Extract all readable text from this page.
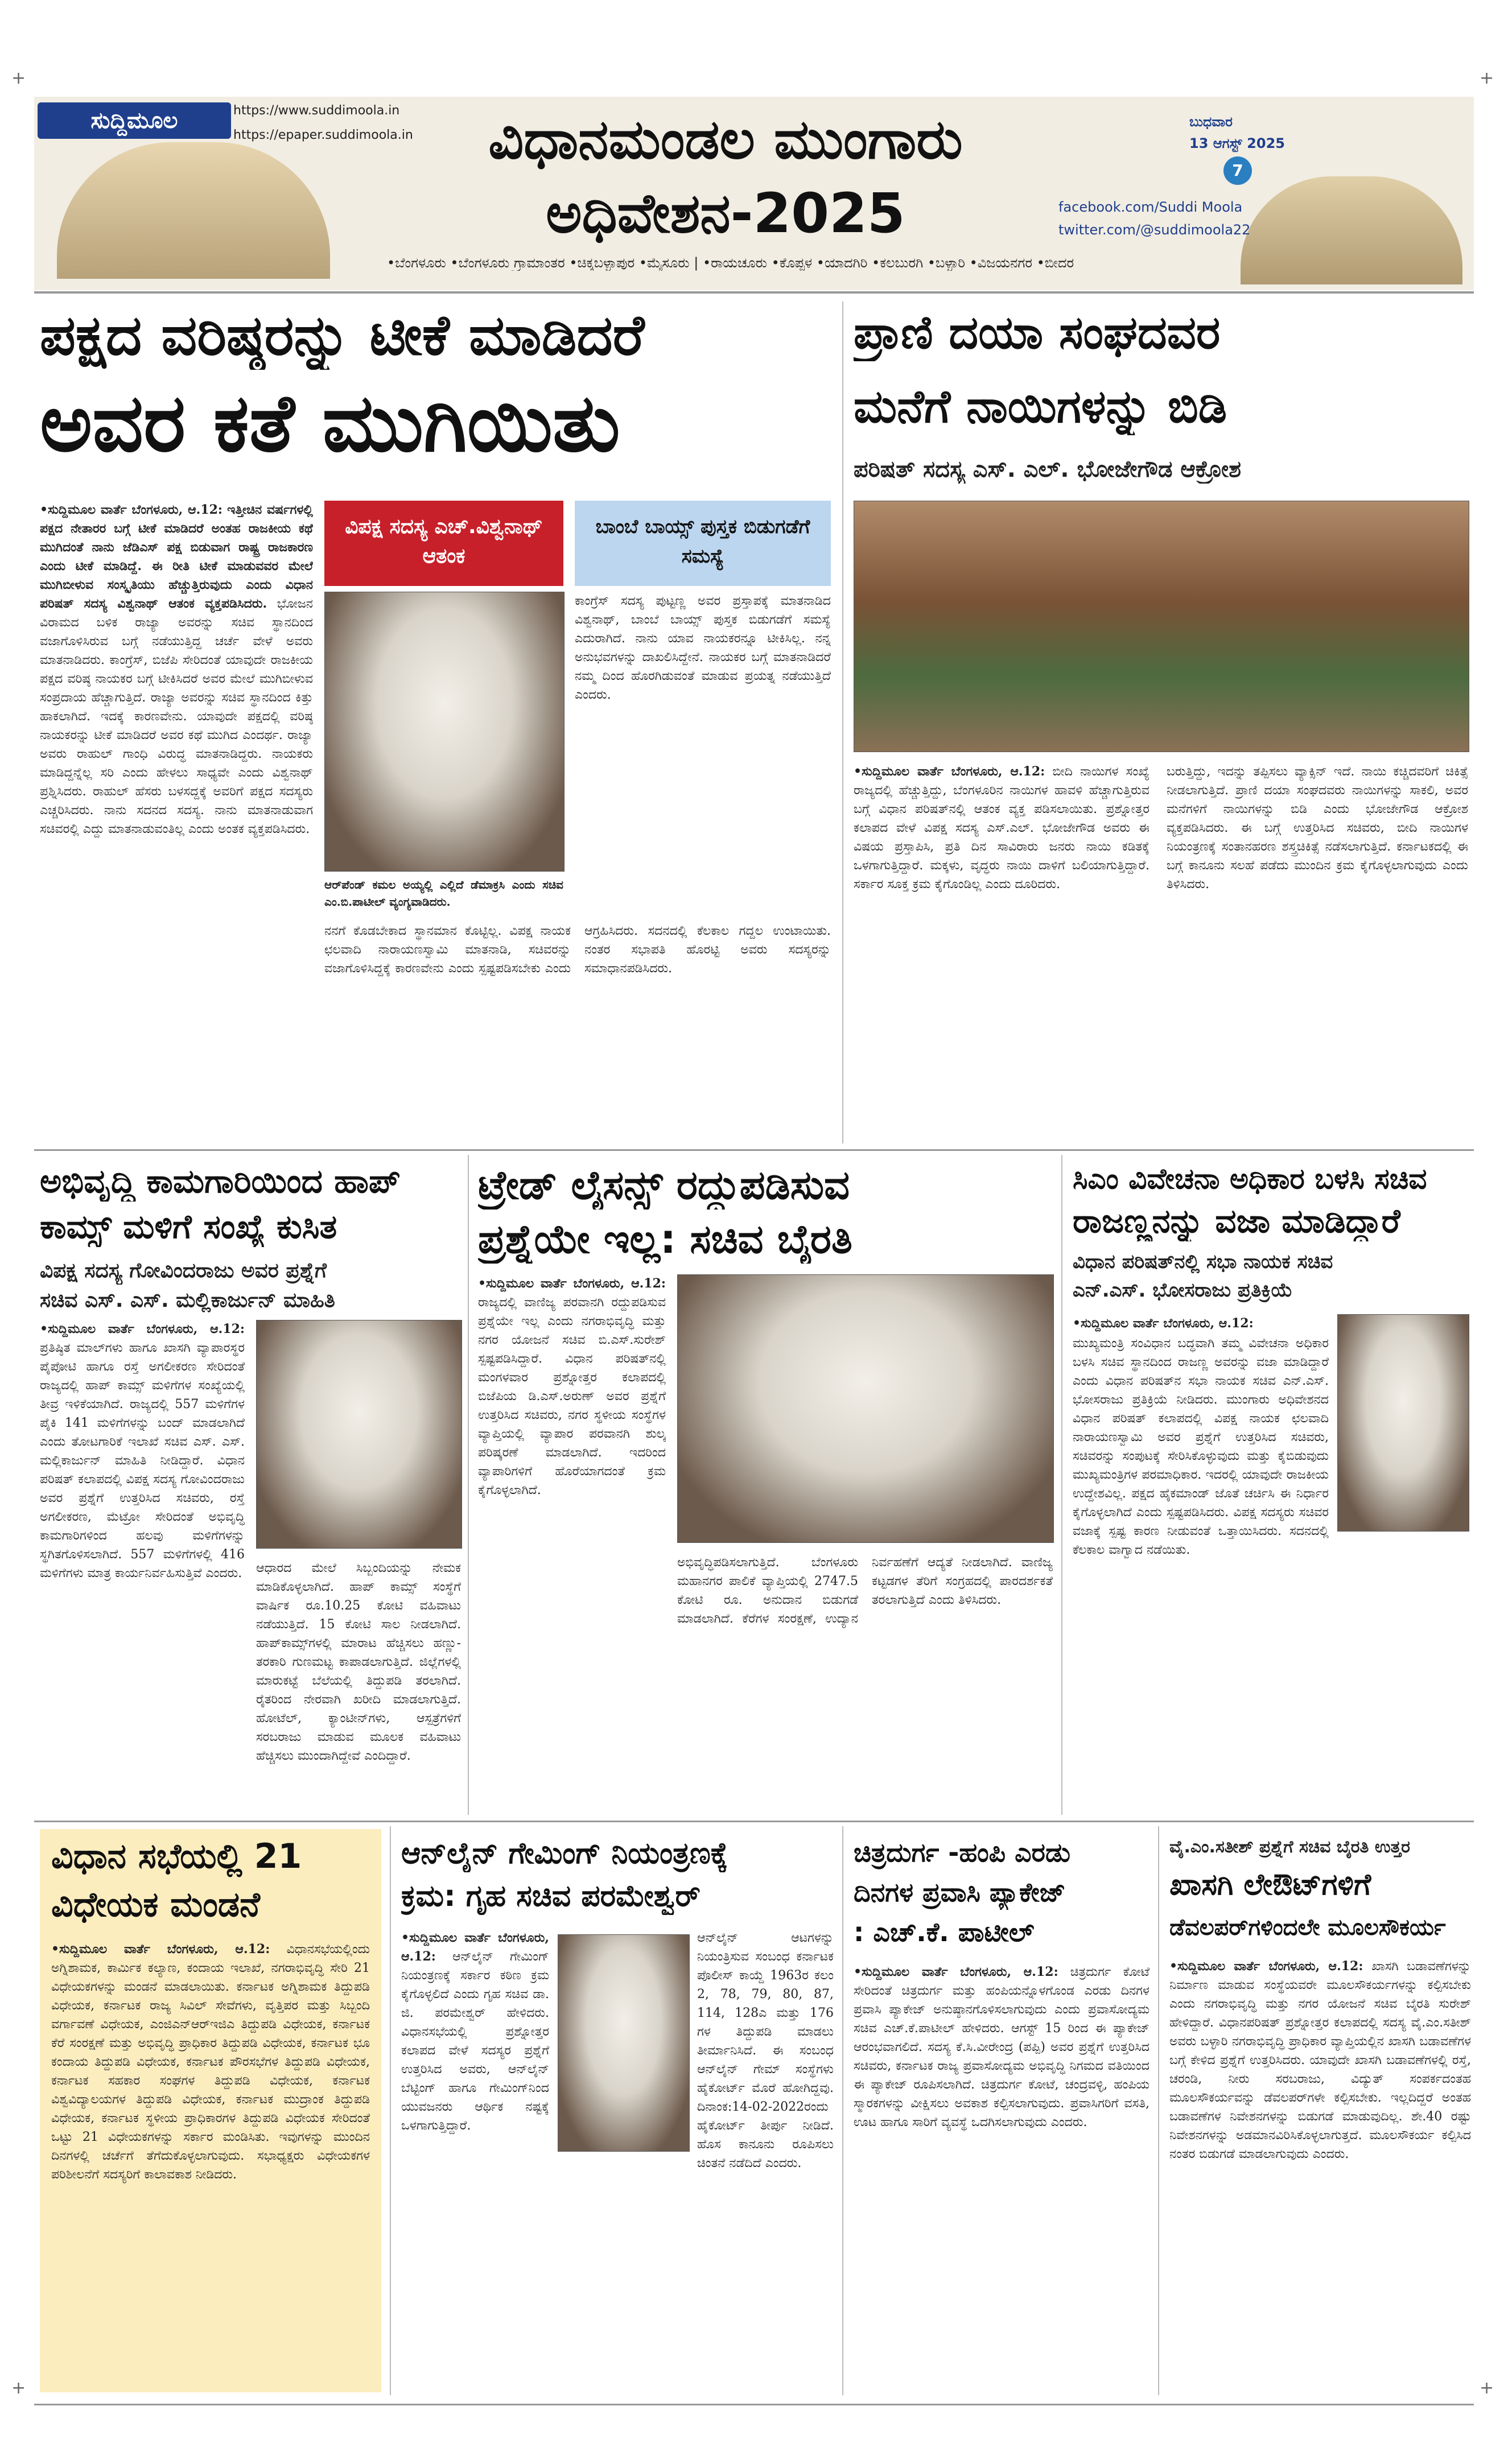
+	+
+	+
ಸುದ್ದಿಮೂಲ	https://www.suddimoola.in
https://epaper.suddimoola.in	ವಿಧಾನಮಂಡಲ ಮುಂಗಾರು
ಅಧಿವೇಶನ-2025
ಬುಧವಾರ
13 ಆಗಸ್ಟ್ 2025
7
facebook.com/Suddi Moola
twitter.com/@suddimoola22
•ಬೆಂಗಳೂರು •ಬೆಂಗಳೂರು ಗ್ರಾಮಾಂತರ •ಚಿಕ್ಕಬಳ್ಳಾಪುರ •ಮೈಸೂರು | •ರಾಯಚೂರು •ಕೊಪ್ಪಳ •ಯಾದಗಿರಿ •ಕಲಬುರಗಿ •ಬಳ್ಳಾರಿ •ವಿಜಯನಗರ •ಬೀದರ
ಪಕ್ಷದ ವರಿಷ್ಠರನ್ನು ಟೀಕೆ ಮಾಡಿದರೆ
ಅವರ ಕತೆ ಮುಗಿಯಿತು
•ಸುದ್ದಿಮೂಲ ವಾರ್ತೆ ಬೆಂಗಳೂರು, ಆ.12: ಇತ್ತೀಚಿನ ವರ್ಷಗಳಲ್ಲಿ ಪಕ್ಷದ ನೇತಾರರ ಬಗ್ಗೆ ಟೀಕೆ ಮಾಡಿದರೆ ಅಂತಹ ರಾಜಕೀಯ ಕಥೆ ಮುಗಿದಂತೆ ನಾನು ಜೆಡಿಎಸ್ ಪಕ್ಷ ಬಿಡುವಾಗ ರಾಷ್ಟ್ರ ರಾಜಕಾರಣ ಎಂದು ಟೀಕೆ ಮಾಡಿದ್ದೆ. ಈ ರೀತಿ ಟೀಕೆ ಮಾಡುವವರ ಮೇಲೆ ಮುಗಿಬೀಳುವ ಸಂಸ್ಕೃತಿಯು ಹೆಚ್ಚುತ್ತಿರುವುದು ಎಂದು ವಿಧಾನ ಪರಿಷತ್ ಸದಸ್ಯ ವಿಶ್ವನಾಥ್ ಆತಂಕ ವ್ಯಕ್ತಪಡಿಸಿದರು. ಭೋಜನ ವಿರಾಮದ ಬಳಿಕ ರಾಜ್ಯಾ ಅವರನ್ನು ಸಚಿವ ಸ್ಥಾನದಿಂದ ವಜಾಗೊಳಿಸಿರುವ ಬಗ್ಗೆ ನಡೆಯುತ್ತಿದ್ದ ಚರ್ಚೆ ವೇಳೆ ಅವರು ಮಾತನಾಡಿದರು. ಕಾಂಗ್ರೆಸ್, ಬಿಜೆಪಿ ಸೇರಿದಂತೆ ಯಾವುದೇ ರಾಜಕೀಯ ಪಕ್ಷದ ವರಿಷ್ಠ ನಾಯಕರ ಬಗ್ಗೆ ಟೀಕಿಸಿದರೆ ಅವರ ಮೇಲೆ ಮುಗಿಬೀಳುವ ಸಂಪ್ರದಾಯ ಹೆಚ್ಚಾಗುತ್ತಿದೆ. ರಾಜ್ಯಾ ಅವರನ್ನು ಸಚಿವ ಸ್ಥಾನದಿಂದ ಕಿತ್ತು ಹಾಕಲಾಗಿದೆ. ಇದಕ್ಕೆ ಕಾರಣವೇನು. ಯಾವುದೇ ಪಕ್ಷದಲ್ಲಿ ವರಿಷ್ಠ ನಾಯಕರನ್ನು ಟೀಕೆ ಮಾಡಿದರೆ ಅವರ ಕಥೆ ಮುಗಿದ ಎಂದರ್ಥ. ರಾಜ್ಯಾ ಅವರು ರಾಹುಲ್ ಗಾಂಧಿ ವಿರುದ್ಧ ಮಾತನಾಡಿದ್ದರು. ನಾಯಕರು ಮಾಡಿದ್ದನ್ನೆಲ್ಲ ಸರಿ ಎಂದು ಹೇಳಲು ಸಾಧ್ಯವೇ ಎಂದು ವಿಶ್ವನಾಥ್ ಪ್ರಶ್ನಿಸಿದರು. ರಾಹುಲ್ ಹೆಸರು ಬಳಸದ್ದಕ್ಕೆ ಅವರಿಗೆ ಪಕ್ಷದ ಸದಸ್ಯರು ಎಚ್ಚರಿಸಿದರು. ನಾನು ಸದನದ ಸದಸ್ಯ. ನಾನು ಮಾತನಾಡುವಾಗ ಸಚಿವರಲ್ಲಿ ಎದ್ದು ಮಾತನಾಡುವಂತಿಲ್ಲ ಎಂದು ಅಂತಕ ವ್ಯಕ್ತಪಡಿಸಿದರು.
ವಿಪಕ್ಷ ಸದಸ್ಯ ಎಚ್.ವಿಶ್ವನಾಥ್ ಆತಂಕ
ಬಾಂಬೆ ಬಾಯ್ಸ್ ಪುಸ್ತಕ ಬಿಡುಗಡೆಗೆ ಸಮಸ್ಯೆ
ಆರ್‌ಪೆಂಡ್ ಕಮಲ ಅಯ್ಯಲ್ಲಿ ಎಲ್ಲಿದೆ ಡೆಮಾಕ್ರಸಿ ಎಂದು ಸಚಿವ ಎಂ.ಬಿ.ಪಾಟೀಲ್ ವ್ಯಂಗ್ಯವಾಡಿದರು.
ಕಾಂಗ್ರೆಸ್ ಸದಸ್ಯ ಪುಟ್ಟಣ್ಣ ಅವರ ಪ್ರಸ್ತಾಪಕ್ಕೆ ಮಾತನಾಡಿದ ವಿಶ್ವನಾಥ್, ಬಾಂಬೆ ಬಾಯ್ಸ್ ಪುಸ್ತಕ ಬಿಡುಗಡೆಗೆ ಸಮಸ್ಯೆ ಎದುರಾಗಿದೆ. ನಾನು ಯಾವ ನಾಯಕರನ್ನೂ ಟೀಕಿಸಿಲ್ಲ. ನನ್ನ ಅನುಭವಗಳನ್ನು ದಾಖಲಿಸಿದ್ದೇನೆ. ನಾಯಕರ ಬಗ್ಗೆ ಮಾತನಾಡಿದರೆ ನಮ್ಮ ದಿಂದ ಹೊರಗಿಡುವಂತೆ ಮಾಡುವ ಪ್ರಯತ್ನ ನಡೆಯುತ್ತಿದೆ ಎಂದರು.
ನನಗೆ ಕೊಡಬೇಕಾದ ಸ್ಥಾನಮಾನ ಕೊಟ್ಟಿಲ್ಲ. ವಿಪಕ್ಷ ನಾಯಕ ಛಲವಾದಿ ನಾರಾಯಣಸ್ವಾಮಿ ಮಾತನಾಡಿ, ಸಚಿವರನ್ನು ವಜಾಗೊಳಿಸಿದ್ದಕ್ಕೆ ಕಾರಣವೇನು ಎಂದು ಸ್ಪಷ್ಟಪಡಿಸಬೇಕು ಎಂದು ಆಗ್ರಹಿಸಿದರು. ಸದನದಲ್ಲಿ ಕೆಲಕಾಲ ಗದ್ದಲ ಉಂಟಾಯಿತು. ನಂತರ ಸಭಾಪತಿ ಹೊರಟ್ಟಿ ಅವರು ಸದಸ್ಯರನ್ನು ಸಮಾಧಾನಪಡಿಸಿದರು.
ಪ್ರಾಣಿ ದಯಾ ಸಂಘದವರ
ಮನೆಗೆ ನಾಯಿಗಳನ್ನು ಬಿಡಿ
ಪರಿಷತ್ ಸದಸ್ಯ ಎಸ್. ಎಲ್. ಭೋಜೇಗೌಡ ಆಕ್ರೋಶ
•ಸುದ್ದಿಮೂಲ ವಾರ್ತೆ ಬೆಂಗಳೂರು, ಆ.12: ಬೀದಿ ನಾಯಿಗಳ ಸಂಖ್ಯೆ ರಾಜ್ಯದಲ್ಲಿ ಹೆಚ್ಚುತ್ತಿದ್ದು, ಬೆಂಗಳೂರಿನ ನಾಯಿಗಳ ಹಾವಳಿ ಹೆಚ್ಚಾಗುತ್ತಿರುವ ಬಗ್ಗೆ ವಿಧಾನ ಪರಿಷತ್‌ನಲ್ಲಿ ಆತಂಕ ವ್ಯಕ್ತ ಪಡಿಸಲಾಯಿತು. ಪ್ರಶ್ನೋತ್ತರ ಕಲಾಪದ ವೇಳೆ ವಿಪಕ್ಷ ಸದಸ್ಯ ಎಸ್.ಎಲ್. ಭೋಜೇಗೌಡ ಅವರು ಈ ವಿಷಯ ಪ್ರಸ್ತಾಪಿಸಿ, ಪ್ರತಿ ದಿನ ಸಾವಿರಾರು ಜನರು ನಾಯಿ ಕಡಿತಕ್ಕೆ ಒಳಗಾಗುತ್ತಿದ್ದಾರೆ. ಮಕ್ಕಳು, ವೃದ್ಧರು ನಾಯಿ ದಾಳಿಗೆ ಬಲಿಯಾಗುತ್ತಿದ್ದಾರೆ. ಸರ್ಕಾರ ಸೂಕ್ತ ಕ್ರಮ ಕೈಗೊಂಡಿಲ್ಲ ಎಂದು ದೂರಿದರು.
ಬರುತ್ತಿದ್ದು, ಇದನ್ನು ತಪ್ಪಿಸಲು ವ್ಯಾಕ್ಸಿನ್ ಇದೆ. ನಾಯಿ ಕಚ್ಚಿದವರಿಗೆ ಚಿಕಿತ್ಸೆ ನೀಡಲಾಗುತ್ತಿದೆ. ಪ್ರಾಣಿ ದಯಾ ಸಂಘದವರು ನಾಯಿಗಳನ್ನು ಸಾಕಲಿ, ಅವರ ಮನೆಗಳಿಗೆ ನಾಯಿಗಳನ್ನು ಬಿಡಿ ಎಂದು ಭೋಜೇಗೌಡ ಆಕ್ರೋಶ ವ್ಯಕ್ತಪಡಿಸಿದರು. ಈ ಬಗ್ಗೆ ಉತ್ತರಿಸಿದ ಸಚಿವರು, ಬೀದಿ ನಾಯಿಗಳ ನಿಯಂತ್ರಣಕ್ಕೆ ಸಂತಾನಹರಣ ಶಸ್ತ್ರಚಿಕಿತ್ಸೆ ನಡೆಸಲಾಗುತ್ತಿದೆ. ಕರ್ನಾಟಕದಲ್ಲಿ ಈ ಬಗ್ಗೆ ಕಾನೂನು ಸಲಹೆ ಪಡೆದು ಮುಂದಿನ ಕ್ರಮ ಕೈಗೊಳ್ಳಲಾಗುವುದು ಎಂದು ತಿಳಿಸಿದರು.
ಅಭಿವೃದ್ಧಿ ಕಾಮಗಾರಿಯಿಂದ ಹಾಪ್
ಕಾಮ್ಸ್ ಮಳಿಗೆ ಸಂಖ್ಯೆ ಕುಸಿತ
ವಿಪಕ್ಷ ಸದಸ್ಯ ಗೋವಿಂದರಾಜು ಅವರ ಪ್ರಶ್ನೆಗೆ
ಸಚಿವ ಎಸ್. ಎಸ್. ಮಲ್ಲಿಕಾರ್ಜುನ್ ಮಾಹಿತಿ
•ಸುದ್ದಿಮೂಲ ವಾರ್ತೆ ಬೆಂಗಳೂರು, ಆ.12: ಪ್ರತಿಷ್ಠಿತ ಮಾಲ್‌ಗಳು ಹಾಗೂ ಖಾಸಗಿ ವ್ಯಾಪಾರಸ್ಥರ ಪೈಪೋಟಿ ಹಾಗೂ ರಸ್ತೆ ಅಗಲೀಕರಣ ಸೇರಿದಂತೆ ರಾಜ್ಯದಲ್ಲಿ ಹಾಪ್ ಕಾಮ್ಸ್ ಮಳಿಗೆಗಳ ಸಂಖ್ಯೆಯಲ್ಲಿ ತೀವ್ರ ಇಳಿಕೆಯಾಗಿದೆ. ರಾಜ್ಯದಲ್ಲಿ 557 ಮಳಿಗೆಗಳ ಪೈಕಿ 141 ಮಳಿಗೆಗಳನ್ನು ಬಂದ್ ಮಾಡಲಾಗಿದೆ ಎಂದು ತೋಟಗಾರಿಕೆ ಇಲಾಖೆ ಸಚಿವ ಎಸ್. ಎಸ್. ಮಲ್ಲಿಕಾರ್ಜುನ್ ಮಾಹಿತಿ ನೀಡಿದ್ದಾರೆ. ವಿಧಾನ ಪರಿಷತ್ ಕಲಾಪದಲ್ಲಿ ವಿಪಕ್ಷ ಸದಸ್ಯ ಗೋವಿಂದರಾಜು ಅವರ ಪ್ರಶ್ನೆಗೆ ಉತ್ತರಿಸಿದ ಸಚಿವರು, ರಸ್ತೆ ಅಗಲೀಕರಣ, ಮೆಟ್ರೋ ಸೇರಿದಂತೆ ಅಭಿವೃದ್ಧಿ ಕಾಮಗಾರಿಗಳಿಂದ ಹಲವು ಮಳಿಗೆಗಳನ್ನು ಸ್ಥಗಿತಗೊಳಿಸಲಾಗಿದೆ. 557 ಮಳಿಗೆಗಳಲ್ಲಿ 416 ಮಳಿಗೆಗಳು ಮಾತ್ರ ಕಾರ್ಯನಿರ್ವಹಿಸುತ್ತಿವೆ ಎಂದರು. ಆಧಾರದ ಮೇಲೆ ಸಿಬ್ಬಂದಿಯನ್ನು ನೇಮಕ ಮಾಡಿಕೊಳ್ಳಲಾಗಿದೆ. ಹಾಪ್ ಕಾಮ್ಸ್ ಸಂಸ್ಥೆಗೆ ವಾರ್ಷಿಕ ರೂ.10.25 ಕೋಟಿ ವಹಿವಾಟು ನಡೆಯುತ್ತಿದೆ. 15 ಕೋಟಿ ಸಾಲ ನೀಡಲಾಗಿದೆ. ಹಾಪ್‌ಕಾಮ್ಸ್‌ಗಳಲ್ಲಿ ಮಾರಾಟ ಹೆಚ್ಚಿಸಲು ಹಣ್ಣು-ತರಕಾರಿ ಗುಣಮಟ್ಟ ಕಾಪಾಡಲಾಗುತ್ತಿದೆ. ಜಿಲ್ಲೆಗಳಲ್ಲಿ ಮಾರುಕಟ್ಟೆ ಬೆಲೆಯಲ್ಲಿ ತಿದ್ದುಪಡಿ ತರಲಾಗಿದೆ. ರೈತರಿಂದ ನೇರವಾಗಿ ಖರೀದಿ ಮಾಡಲಾಗುತ್ತಿದೆ. ಹೋಟೆಲ್, ಕ್ಯಾಂಟೀನ್‌ಗಳು, ಆಸ್ಪತ್ರೆಗಳಿಗೆ ಸರಬರಾಜು ಮಾಡುವ ಮೂಲಕ ವಹಿವಾಟು ಹೆಚ್ಚಿಸಲು ಮುಂದಾಗಿದ್ದೇವೆ ಎಂದಿದ್ದಾರೆ.
ಟ್ರೇಡ್ ಲೈಸನ್ಸ್ ರದ್ದುಪಡಿಸುವ
ಪ್ರಶ್ನೆಯೇ ಇಲ್ಲ: ಸಚಿವ ಬೈರತಿ
•ಸುದ್ದಿಮೂಲ ವಾರ್ತೆ ಬೆಂಗಳೂರು, ಆ.12: ರಾಜ್ಯದಲ್ಲಿ ವಾಣಿಜ್ಯ ಪರವಾನಗಿ ರದ್ದುಪಡಿಸುವ ಪ್ರಶ್ನೆಯೇ ಇಲ್ಲ ಎಂದು ನಗರಾಭಿವೃದ್ಧಿ ಮತ್ತು ನಗರ ಯೋಜನೆ ಸಚಿವ ಬಿ.ಎಸ್.ಸುರೇಶ್ ಸ್ಪಷ್ಟಪಡಿಸಿದ್ದಾರೆ. ವಿಧಾನ ಪರಿಷತ್‌ನಲ್ಲಿ ಮಂಗಳವಾರ ಪ್ರಶ್ನೋತ್ತರ ಕಲಾಪದಲ್ಲಿ ಬಿಜೆಪಿಯ ಡಿ.ಎಸ್.ಅರುಣ್ ಅವರ ಪ್ರಶ್ನೆಗೆ ಉತ್ತರಿಸಿದ ಸಚಿವರು, ನಗರ ಸ್ಥಳೀಯ ಸಂಸ್ಥೆಗಳ ವ್ಯಾಪ್ತಿಯಲ್ಲಿ ವ್ಯಾಪಾರ ಪರವಾನಗಿ ಶುಲ್ಕ ಪರಿಷ್ಕರಣೆ ಮಾಡಲಾಗಿದೆ. ಇದರಿಂದ ವ್ಯಾಪಾರಿಗಳಿಗೆ ಹೊರೆಯಾಗದಂತೆ ಕ್ರಮ ಕೈಗೊಳ್ಳಲಾಗಿದೆ.
ಅಭಿವೃದ್ಧಿಪಡಿಸಲಾಗುತ್ತಿದೆ. ಬೆಂಗಳೂರು ಮಹಾನಗರ ಪಾಲಿಕೆ ವ್ಯಾಪ್ತಿಯಲ್ಲಿ 2747.5 ಕೋಟಿ ರೂ. ಅನುದಾನ ಬಿಡುಗಡೆ ಮಾಡಲಾಗಿದೆ. ಕೆರೆಗಳ ಸಂರಕ್ಷಣೆ, ಉದ್ಯಾನ ನಿರ್ವಹಣೆಗೆ ಆದ್ಯತೆ ನೀಡಲಾಗಿದೆ. ವಾಣಿಜ್ಯ ಕಟ್ಟಡಗಳ ತೆರಿಗೆ ಸಂಗ್ರಹದಲ್ಲಿ ಪಾರದರ್ಶಕತೆ ತರಲಾಗುತ್ತಿದೆ ಎಂದು ತಿಳಿಸಿದರು.
ಸಿಎಂ ವಿವೇಚನಾ ಅಧಿಕಾರ ಬಳಸಿ ಸಚಿವ
ರಾಜಣ್ಣನನ್ನು ವಜಾ ಮಾಡಿದ್ದಾರೆ
ವಿಧಾನ ಪರಿಷತ್‌ನಲ್ಲಿ ಸಭಾ ನಾಯಕ ಸಚಿವ
ಎನ್.ಎಸ್. ಭೋಸರಾಜು ಪ್ರತಿಕ್ರಿಯೆ
•ಸುದ್ದಿಮೂಲ ವಾರ್ತೆ ಬೆಂಗಳೂರು, ಆ.12:
ಮುಖ್ಯಮಂತ್ರಿ ಸಂವಿಧಾನ ಬದ್ಧವಾಗಿ ತಮ್ಮ ವಿವೇಚನಾ ಅಧಿಕಾರ ಬಳಸಿ ಸಚಿವ ಸ್ಥಾನದಿಂದ ರಾಜಣ್ಣ ಅವರನ್ನು ವಜಾ ಮಾಡಿದ್ದಾರೆ ಎಂದು ವಿಧಾನ ಪರಿಷತ್‌ನ ಸಭಾ ನಾಯಕ ಸಚಿವ ಎನ್.ಎಸ್. ಭೋಸರಾಜು ಪ್ರತಿಕ್ರಿಯೆ ನೀಡಿದರು. ಮುಂಗಾರು ಅಧಿವೇಶನದ ವಿಧಾನ ಪರಿಷತ್ ಕಲಾಪದಲ್ಲಿ ವಿಪಕ್ಷ ನಾಯಕ ಛಲವಾದಿ ನಾರಾಯಣಸ್ವಾಮಿ ಅವರ ಪ್ರಶ್ನೆಗೆ ಉತ್ತರಿಸಿದ ಸಚಿವರು, ಸಚಿವರನ್ನು ಸಂಪುಟಕ್ಕೆ ಸೇರಿಸಿಕೊಳ್ಳುವುದು ಮತ್ತು ಕೈಬಿಡುವುದು ಮುಖ್ಯಮಂತ್ರಿಗಳ ಪರಮಾಧಿಕಾರ. ಇದರಲ್ಲಿ ಯಾವುದೇ ರಾಜಕೀಯ ಉದ್ದೇಶವಿಲ್ಲ. ಪಕ್ಷದ ಹೈಕಮಾಂಡ್ ಜೊತೆ ಚರ್ಚಿಸಿ ಈ ನಿರ್ಧಾರ ಕೈಗೊಳ್ಳಲಾಗಿದೆ ಎಂದು ಸ್ಪಷ್ಟಪಡಿಸಿದರು. ವಿಪಕ್ಷ ಸದಸ್ಯರು ಸಚಿವರ ವಜಾಕ್ಕೆ ಸ್ಪಷ್ಟ ಕಾರಣ ನೀಡುವಂತೆ ಒತ್ತಾಯಿಸಿದರು. ಸದನದಲ್ಲಿ ಕೆಲಕಾಲ ವಾಗ್ವಾದ ನಡೆಯಿತು.
ವಿಧಾನ ಸಭೆಯಲ್ಲಿ 21
ವಿಧೇಯಕ ಮಂಡನೆ
•ಸುದ್ದಿಮೂಲ ವಾರ್ತೆ ಬೆಂಗಳೂರು, ಆ.12: ವಿಧಾನಸಭೆಯಲ್ಲಿಂದು ಅಗ್ನಿಶಾಮಕ, ಕಾರ್ಮಿಕ ಕಲ್ಯಾಣ, ಕಂದಾಯ ಇಲಾಖೆ, ನಗರಾಭಿವೃದ್ಧಿ ಸೇರಿ 21 ವಿಧೇಯಕಗಳನ್ನು ಮಂಡನೆ ಮಾಡಲಾಯಿತು. ಕರ್ನಾಟಕ ಅಗ್ನಿಶಾಮಕ ತಿದ್ದುಪಡಿ ವಿಧೇಯಕ, ಕರ್ನಾಟಕ ರಾಜ್ಯ ಸಿವಿಲ್ ಸೇವೆಗಳು, ವೃತ್ತಿಪರ ಮತ್ತು ಸಿಬ್ಬಂದಿ ವರ್ಗಾವಣೆ ವಿಧೇಯಕ, ಎಂಜಿಎನ್‌ಆರ್‌ಇಜಿಎ ತಿದ್ದುಪಡಿ ವಿಧೇಯಕ, ಕರ್ನಾಟಕ ಕೆರೆ ಸಂರಕ್ಷಣೆ ಮತ್ತು ಅಭಿವೃದ್ಧಿ ಪ್ರಾಧಿಕಾರ ತಿದ್ದುಪಡಿ ವಿಧೇಯಕ, ಕರ್ನಾಟಕ ಭೂ ಕಂದಾಯ ತಿದ್ದುಪಡಿ ವಿಧೇಯಕ, ಕರ್ನಾಟಕ ಪೌರಸಭೆಗಳ ತಿದ್ದುಪಡಿ ವಿಧೇಯಕ, ಕರ್ನಾಟಕ ಸಹಕಾರ ಸಂಘಗಳ ತಿದ್ದುಪಡಿ ವಿಧೇಯಕ, ಕರ್ನಾಟಕ ವಿಶ್ವವಿದ್ಯಾಲಯಗಳ ತಿದ್ದುಪಡಿ ವಿಧೇಯಕ, ಕರ್ನಾಟಕ ಮುದ್ರಾಂಕ ತಿದ್ದುಪಡಿ ವಿಧೇಯಕ, ಕರ್ನಾಟಕ ಸ್ಥಳೀಯ ಪ್ರಾಧಿಕಾರಗಳ ತಿದ್ದುಪಡಿ ವಿಧೇಯಕ ಸೇರಿದಂತೆ ಒಟ್ಟು 21 ವಿಧೇಯಕಗಳನ್ನು ಸರ್ಕಾರ ಮಂಡಿಸಿತು. ಇವುಗಳನ್ನು ಮುಂದಿನ ದಿನಗಳಲ್ಲಿ ಚರ್ಚೆಗೆ ತೆಗೆದುಕೊಳ್ಳಲಾಗುವುದು. ಸಭಾಧ್ಯಕ್ಷರು ವಿಧೇಯಕಗಳ ಪರಿಶೀಲನೆಗೆ ಸದಸ್ಯರಿಗೆ ಕಾಲಾವಕಾಶ ನೀಡಿದರು.
ಆನ್‌ಲೈನ್ ಗೇಮಿಂಗ್ ನಿಯಂತ್ರಣಕ್ಕೆ
ಕ್ರಮ: ಗೃಹ ಸಚಿವ ಪರಮೇಶ್ವರ್
•ಸುದ್ದಿಮೂಲ ವಾರ್ತೆ ಬೆಂಗಳೂರು, ಆ.12: ಆನ್‌ಲೈನ್ ಗೇಮಿಂಗ್ ನಿಯಂತ್ರಣಕ್ಕೆ ಸರ್ಕಾರ ಕಠಿಣ ಕ್ರಮ ಕೈಗೊಳ್ಳಲಿದೆ ಎಂದು ಗೃಹ ಸಚಿವ ಡಾ. ಜಿ. ಪರಮೇಶ್ವರ್ ಹೇಳಿದರು. ವಿಧಾನಸಭೆಯಲ್ಲಿ ಪ್ರಶ್ನೋತ್ತರ ಕಲಾಪದ ವೇಳೆ ಸದಸ್ಯರ ಪ್ರಶ್ನೆಗೆ ಉತ್ತರಿಸಿದ ಅವರು, ಆನ್‌ಲೈನ್ ಬೆಟ್ಟಿಂಗ್ ಹಾಗೂ ಗೇಮಿಂಗ್‌ನಿಂದ ಯುವಜನರು ಆರ್ಥಿಕ ನಷ್ಟಕ್ಕೆ ಒಳಗಾಗುತ್ತಿದ್ದಾರೆ.
ಆನ್‌ಲೈನ್ ಆಟಗಳನ್ನು ನಿಯಂತ್ರಿಸುವ ಸಂಬಂಧ ಕರ್ನಾಟಕ ಪೊಲೀಸ್ ಕಾಯ್ದೆ 1963ರ ಕಲಂ 2, 78, 79, 80, 87, 114, 128ಎ ಮತ್ತು 176 ಗಳ ತಿದ್ದುಪಡಿ ಮಾಡಲು ತೀರ್ಮಾನಿಸಿದೆ. ಈ ಸಂಬಂಧ ಆನ್‌ಲೈನ್ ಗೇಮ್ ಸಂಸ್ಥೆಗಳು ಹೈಕೋರ್ಟ್ ಮೊರೆ ಹೋಗಿದ್ದವು. ದಿನಾಂಕ:14-02-2022ರಂದು ಹೈಕೋರ್ಟ್ ತೀರ್ಪು ನೀಡಿದೆ. ಹೊಸ ಕಾನೂನು ರೂಪಿಸಲು ಚಿಂತನೆ ನಡೆದಿದೆ ಎಂದರು.
ಚಿತ್ರದುರ್ಗ -ಹಂಪಿ ಎರಡು
ದಿನಗಳ ಪ್ರವಾಸಿ ಪ್ಯಾಕೇಜ್
: ಎಚ್.ಕೆ. ಪಾಟೀಲ್
•ಸುದ್ದಿಮೂಲ ವಾರ್ತೆ ಬೆಂಗಳೂರು, ಆ.12: ಚಿತ್ರದುರ್ಗ ಕೋಟೆ ಸೇರಿದಂತೆ ಚಿತ್ರದುರ್ಗ ಮತ್ತು ಹಂಪಿಯನ್ನೊಳಗೊಂಡ ಎರಡು ದಿನಗಳ ಪ್ರವಾಸಿ ಪ್ಯಾಕೇಜ್ ಅನುಷ್ಠಾನಗೊಳಿಸಲಾಗುವುದು ಎಂದು ಪ್ರವಾಸೋದ್ಯಮ ಸಚಿವ ಎಚ್.ಕೆ.ಪಾಟೀಲ್ ಹೇಳಿದರು. ಆಗಸ್ಟ್ 15 ರಿಂದ ಈ ಪ್ಯಾಕೇಜ್ ಆರಂಭವಾಗಲಿದೆ. ಸದಸ್ಯ ಕೆ.ಸಿ.ವೀರೇಂದ್ರ (ಪಪ್ಪಿ) ಅವರ ಪ್ರಶ್ನೆಗೆ ಉತ್ತರಿಸಿದ ಸಚಿವರು, ಕರ್ನಾಟಕ ರಾಜ್ಯ ಪ್ರವಾಸೋದ್ಯಮ ಅಭಿವೃದ್ಧಿ ನಿಗಮದ ವತಿಯಿಂದ ಈ ಪ್ಯಾಕೇಜ್ ರೂಪಿಸಲಾಗಿದೆ. ಚಿತ್ರದುರ್ಗ ಕೋಟೆ, ಚಂದ್ರವಳ್ಳಿ, ಹಂಪಿಯ ಸ್ಮಾರಕಗಳನ್ನು ವೀಕ್ಷಿಸಲು ಅವಕಾಶ ಕಲ್ಪಿಸಲಾಗುವುದು. ಪ್ರವಾಸಿಗರಿಗೆ ವಸತಿ, ಊಟ ಹಾಗೂ ಸಾರಿಗೆ ವ್ಯವಸ್ಥೆ ಒದಗಿಸಲಾಗುವುದು ಎಂದರು.
ವೈ.ಎಂ.ಸತೀಶ್ ಪ್ರಶ್ನೆಗೆ ಸಚಿವ ಬೈರತಿ ಉತ್ತರ
ಖಾಸಗಿ ಲೇಔಟ್‌ಗಳಿಗೆ
ಡೆವಲಪರ್‌ಗಳಿಂದಲೇ ಮೂಲಸೌಕರ್ಯ
•ಸುದ್ದಿಮೂಲ ವಾರ್ತೆ ಬೆಂಗಳೂರು, ಆ.12: ಖಾಸಗಿ ಬಡಾವಣೆಗಳನ್ನು ನಿರ್ಮಾಣ ಮಾಡುವ ಸಂಸ್ಥೆಯವರೇ ಮೂಲಸೌಕರ್ಯಗಳನ್ನು ಕಲ್ಪಿಸಬೇಕು ಎಂದು ನಗರಾಭಿವೃದ್ಧಿ ಮತ್ತು ನಗರ ಯೋಜನೆ ಸಚಿವ ಬೈರತಿ ಸುರೇಶ್ ಹೇಳಿದ್ದಾರೆ. ವಿಧಾನಪರಿಷತ್ ಪ್ರಶ್ನೋತ್ತರ ಕಲಾಪದಲ್ಲಿ ಸದಸ್ಯ ವೈ.ಎಂ.ಸತೀಶ್ ಅವರು ಬಳ್ಳಾರಿ ನಗರಾಭಿವೃದ್ಧಿ ಪ್ರಾಧಿಕಾರ ವ್ಯಾಪ್ತಿಯಲ್ಲಿನ ಖಾಸಗಿ ಬಡಾವಣೆಗಳ ಬಗ್ಗೆ ಕೇಳಿದ ಪ್ರಶ್ನೆಗೆ ಉತ್ತರಿಸಿದರು. ಯಾವುದೇ ಖಾಸಗಿ ಬಡಾವಣೆಗಳಲ್ಲಿ ರಸ್ತೆ, ಚರಂಡಿ, ನೀರು ಸರಬರಾಜು, ವಿದ್ಯುತ್ ಸಂಪರ್ಕದಂತಹ ಮೂಲಸೌಕರ್ಯವನ್ನು ಡೆವಲಪರ್‌ಗಳೇ ಕಲ್ಪಿಸಬೇಕು. ಇಲ್ಲದಿದ್ದರೆ ಅಂತಹ ಬಡಾವಣೆಗಳ ನಿವೇಶನಗಳನ್ನು ಬಿಡುಗಡೆ ಮಾಡುವುದಿಲ್ಲ. ಶೇ.40 ರಷ್ಟು ನಿವೇಶನಗಳನ್ನು ಅಡಮಾನವಿರಿಸಿಕೊಳ್ಳಲಾಗುತ್ತದೆ. ಮೂಲಸೌಕರ್ಯ ಕಲ್ಪಿಸಿದ ನಂತರ ಬಿಡುಗಡೆ ಮಾಡಲಾಗುವುದು ಎಂದರು.
